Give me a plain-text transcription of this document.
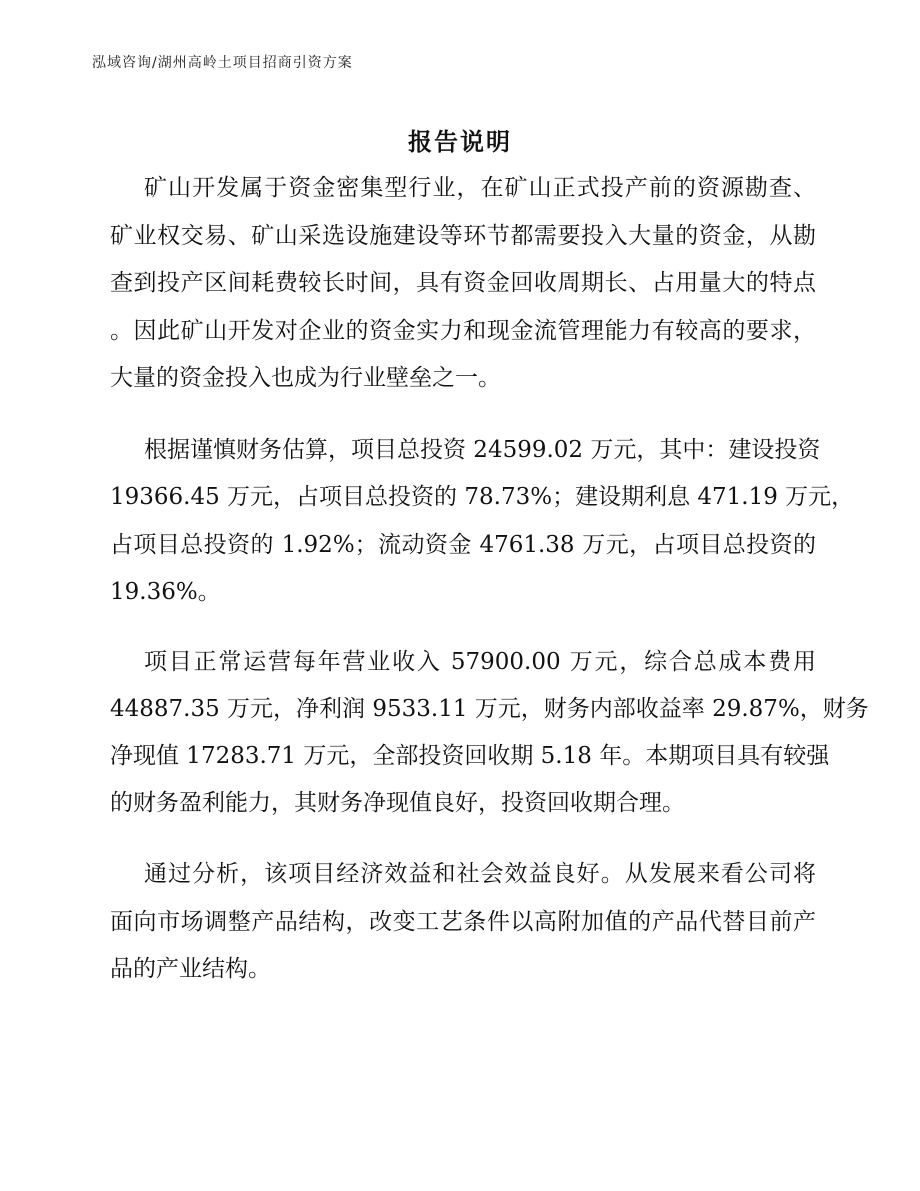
泓域咨询/湖州高岭土项目招商引资方案
报告说明
矿山开发属于资金密集型行业，在矿山正式投产前的资源勘查、
矿业权交易、矿山采选设施建设等环节都需要投入大量的资金，从勘
查到投产区间耗费较长时间，具有资金回收周期长、占用量大的特点
。因此矿山开发对企业的资金实力和现金流管理能力有较高的要求，
大量的资金投入也成为行业壁垒之一。
根据谨慎财务估算，项目总投资 24599.02 万元，其中：建设投资
19366.45 万元，占项目总投资的 78.73%；建设期利息 471.19 万元，
占项目总投资的 1.92%；流动资金 4761.38 万元，占项目总投资的
19.36%。
项目正常运营每年营业收入 57900.00 万元，综合总成本费用
44887.35 万元，净利润 9533.11 万元，财务内部收益率 29.87%，财务
净现值 17283.71 万元，全部投资回收期 5.18 年。本期项目具有较强
的财务盈利能力，其财务净现值良好，投资回收期合理。
通过分析，该项目经济效益和社会效益良好。从发展来看公司将
面向市场调整产品结构，改变工艺条件以高附加值的产品代替目前产
品的产业结构。
